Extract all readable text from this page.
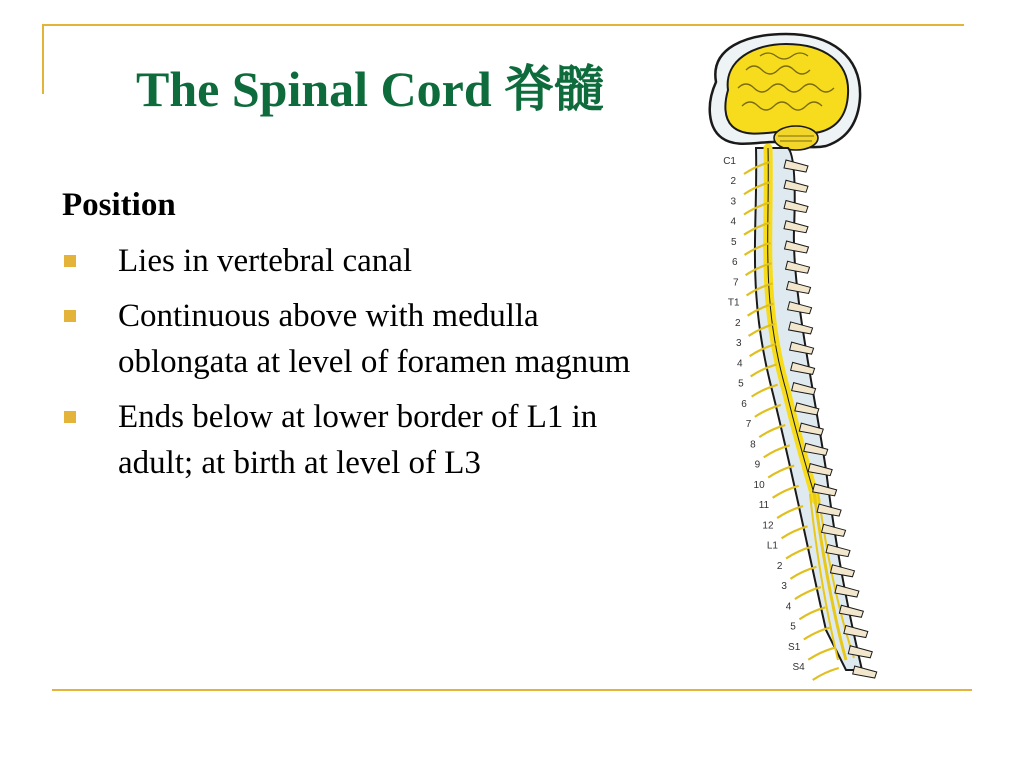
The Spinal Cord 脊髓
Position
Lies in vertebral canal
Continuous above with medulla oblongata at level of foramen magnum
Ends below at lower border of L1 in adult; at birth at level of L3
C1
2
3
4
5
6
7
T1
2
3
4
5
6
7
8
9
10
11
12
L1
2
3
4
5
S1
S4
